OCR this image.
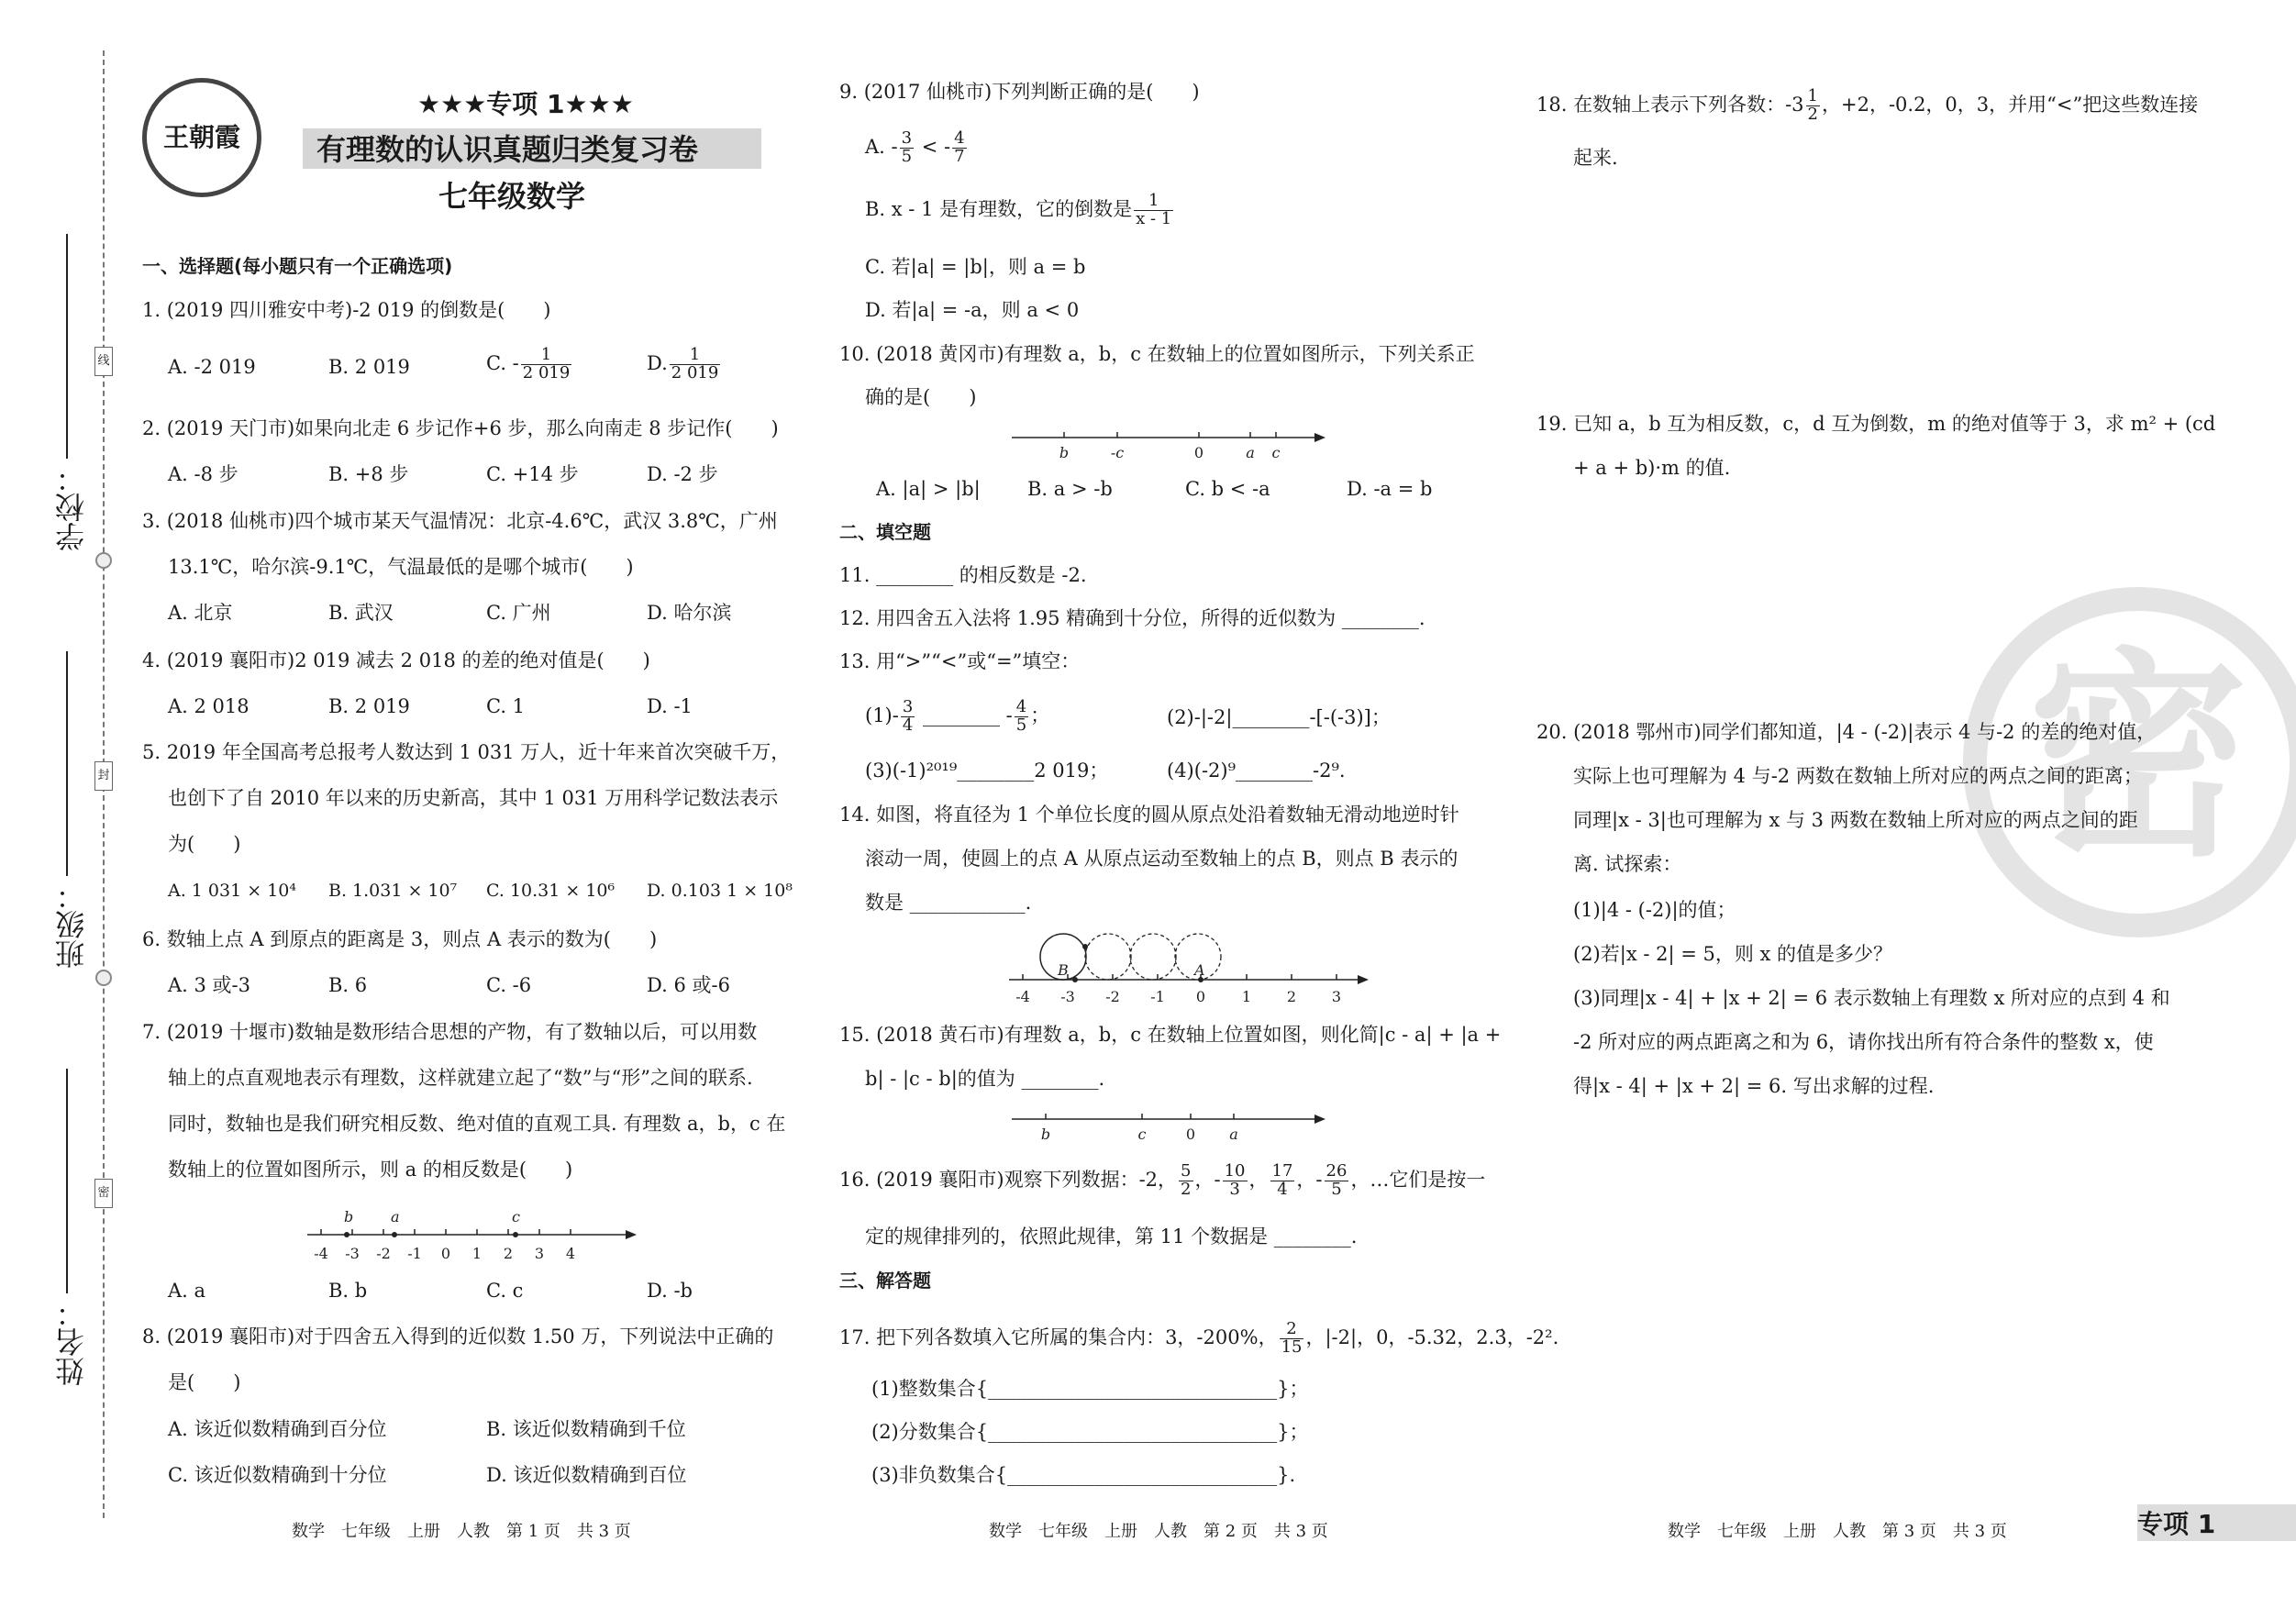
线
封
密
学校：
班级：
姓名：
王朝霞
★★★专项 1★★★
有理数的认识真题归类复习卷
七年级数学
一、选择题(每小题只有一个正确选项)
1. (2019 四川雅安中考)-2 019 的倒数是(　　)
A. -2 019	B. 2 019	C. - $\frac{1}{2 019}$	D. $\frac{1}{2 019}$
2. (2019 天门市)如果向北走 6 步记作+6 步，那么向南走 8 步记作(　　)
A. -8 步	B. +8 步	C. +14 步	D. -2 步
3. (2018 仙桃市)四个城市某天气温情况：北京-4.6℃，武汉 3.8℃，广州
13.1℃，哈尔滨-9.1℃，气温最低的是哪个城市(　　)
A. 北京	B. 武汉	C. 广州	D. 哈尔滨
4. (2019 襄阳市)2 019 减去 2 018 的差的绝对值是(　　)
A. 2 018	B. 2 019	C. 1	D. -1
5. 2019 年全国高考总报考人数达到 1 031 万人，近十年来首次突破千万，
也创下了自 2010 年以来的历史新高，其中 1 031 万用科学记数法表示
为(　　)
A. 1 031 × 10⁴ B. 1.031 × 10⁷ C. 10.31 × 10⁶ D. 0.103 1 × 10⁸
6. 数轴上点 A 到原点的距离是 3，则点 A 表示的数为(　　)
A. 3 或-3	B. 6	C. -6	D. 6 或-6
7. (2019 十堰市)数轴是数形结合思想的产物，有了数轴以后，可以用数
轴上的点直观地表示有理数，这样就建立起了“数”与“形”之间的联系.
同时，数轴也是我们研究相反数、绝对值的直观工具. 有理数 a，b，c 在
数轴上的位置如图所示，则 a 的相反数是(　　)
-4 -3 -2 -1 0 1 2 3 4
b	a	c
A. a	B. b	C. c	D. -b
8. (2019 襄阳市)对于四舍五入得到的近似数 1.50 万，下列说法中正确的
是(　　)
A. 该近似数精确到百分位	B. 该近似数精确到千位
C. 该近似数精确到十分位	D. 该近似数精确到百位
9. (2017 仙桃市)下列判断正确的是(　　)
A. - $\frac{3}{5}$ < - $\frac{4}{7}$
B. x - 1 是有理数，它的倒数是 $\frac{1}{x - 1}$
C. 若|a| = |b|，则 a = b
D. 若|a| = -a，则 a < 0
10. (2018 黄冈市)有理数 a，b，c 在数轴上的位置如图所示，下列关系正
确的是(　　)
b	-c	0	a c
A. |a| > |b| B. a > -b	C. b < -a	D. -a = b
二、填空题
11. ________ 的相反数是 -2.
12. 用四舍五入法将 1.95 精确到十分位，所得的近似数为 ________.
13. 用“>”“<”或“=”填空：
$(1)- \frac{3}{4}$ ________ - $\frac{4}{5}$ ；	(2)-|-2|________-[-(-3)]；
(3)(-1)²⁰¹⁹________2 019；	(4)(-2)⁹________-2⁹.
14. 如图，将直径为 1 个单位长度的圆从原点处沿着数轴无滑动地逆时针
滚动一周，使圆上的点 A 从原点运动至数轴上的点 B，则点 B 表示的
数是 ____________.
-4 -3 -2 -1 0 1 2 3
B	A
15. (2018 黄石市)有理数 a，b，c 在数轴上位置如图，则化简|c - a| + |a +
b| - |c - b|的值为 ________.
b	c	0 a
16. (2019 襄阳市)观察下列数据：-2， $\frac{5}{2}$ ，- $\frac{10}{3}$ ， $\frac{17}{4}$ ，- $\frac{26}{5}$ ，…它们是按一
定的规律排列的，依照此规律，第 11 个数据是 ________.
三、解答题
17. 把下列各数填入它所属的集合内：3，-200%， $\frac{2}{15}$ ，|-2|，0，-5.32，2.3̇，-2².
(1)整数集合{______________________________}；
(2)分数集合{______________________________}；
(3)非负数集合{____________________________}.
18. 在数轴上表示下列各数：$-3 \frac{1}{2}$ ，+2，-0.2，0，3，并用“<”把这些数连接
起来.
19. 已知 a，b 互为相反数，c，d 互为倒数，m 的绝对值等于 3，求 m² + (cd
+ a + b)·m 的值.
密
20. (2018 鄂州市)同学们都知道，|4 - (-2)|表示 4 与-2 的差的绝对值，
实际上也可理解为 4 与-2 两数在数轴上所对应的两点之间的距离；
同理|x - 3|也可理解为 x 与 3 两数在数轴上所对应的两点之间的距
离. 试探索：
(1)|4 - (-2)|的值；
(2)若|x - 2| = 5，则 x 的值是多少？
(3)同理|x - 4| + |x + 2| = 6 表示数轴上有理数 x 所对应的点到 4 和
-2 所对应的两点距离之和为 6，请你找出所有符合条件的整数 x，使
得|x - 4| + |x + 2| = 6. 写出求解的过程.
数学　七年级　上册　人教　第 1 页　共 3 页	数学　七年级　上册　人教　第 2 页　共 3 页	数学　七年级　上册　人教　第 3 页　共 3 页	专项 1
